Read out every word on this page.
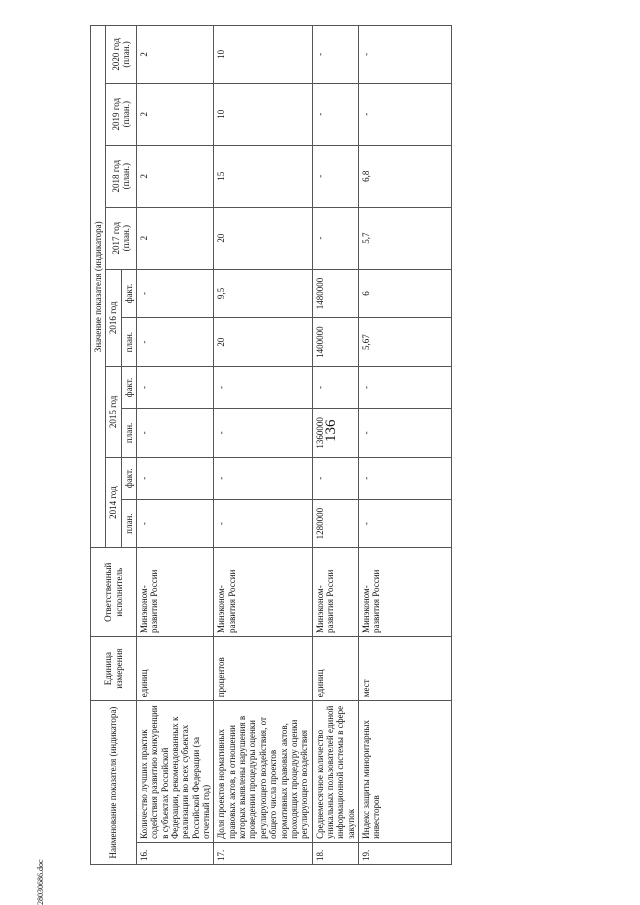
136
Наименование показателя (индикатора)		Единица измерения	Ответственный исполнитель	Значение показателя (индикатора)									
				2014 год		2015 год		2016 год		2017 год (план.)	2018 год (план.)	2019 год (план.)	2020 год (план.)
				план.	факт.	план.	факт.	план.	факт.				
16.	Количество лучших практик содействия развитию конкуренции в субъектах Российской Федерации, рекомендованных к реализации во всех субъектах Российской Федерации (за отчетный год)	единиц	Минэконом-развития России	-	-	-	-	-	-	2	2	2	2
17.	Доля проектов нормативных правовых актов, в отношении которых выявлены нарушения в проведении процедуры оценки регулирующего воздействия, от общего числа проектов нормативных правовых актов, проходящих процедуру оценки регулирующего воздействия	процентов	Минэконом-развития России	-	-	-	-	20	9,5	20	15	10	10
18.	Среднемесячное количество уникальных пользователей единой информационной системы в сфере закупок	единиц	Минэконом-развития России	1280000	-	1360000	-	1400000	1480000	-	-	-	-
19.	Индекс защиты миноритарных инвесторов	мест	Минэконом-развития России	-	-	-	-	5,67	6	5,7	6,8	-	-
28030686.doc
